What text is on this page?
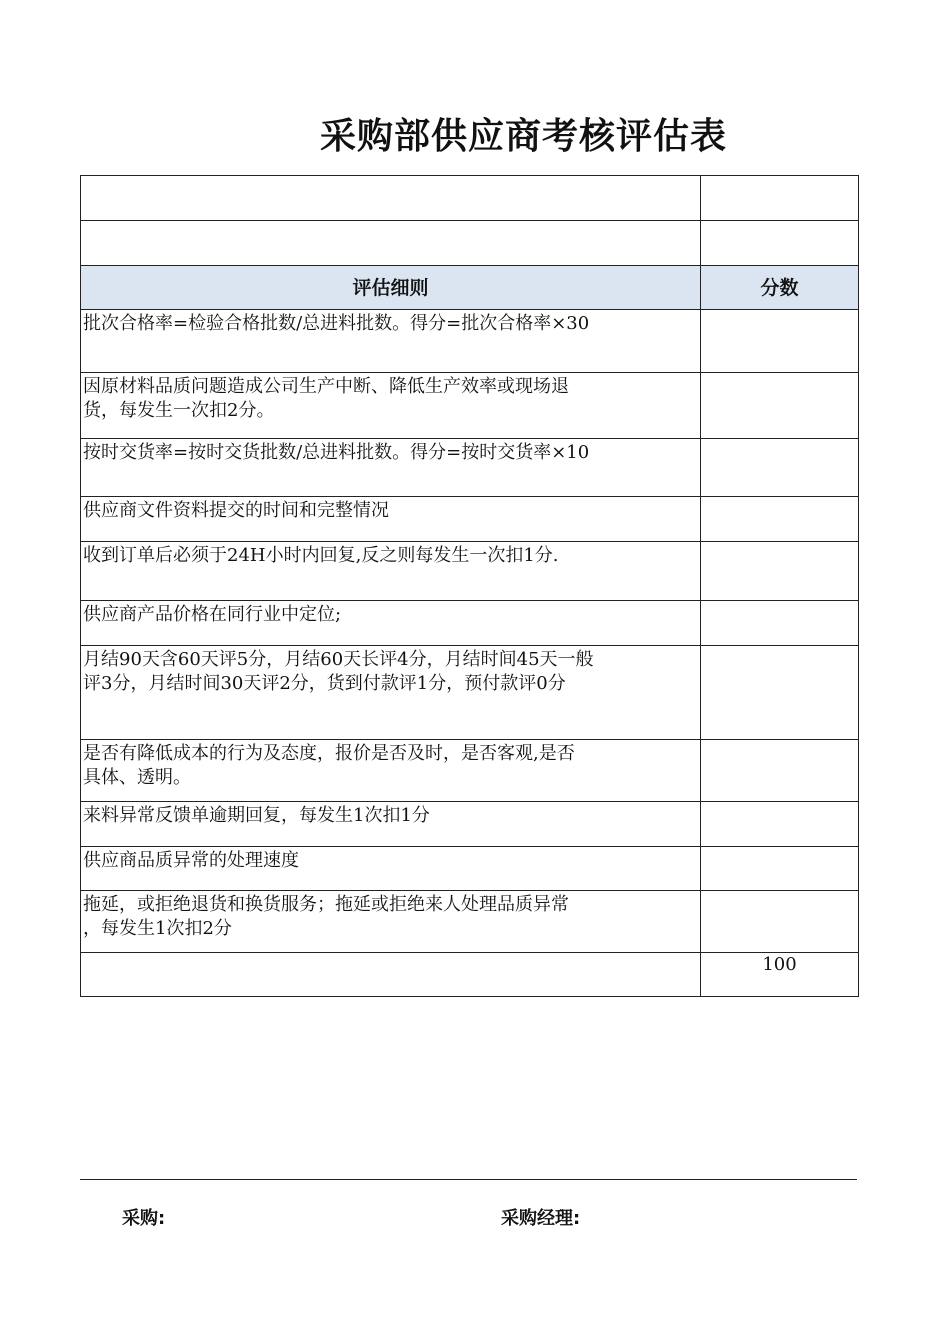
采购部供应商考核评估表

评估细则	分数

批次合格率=检验合格批数/总进料批数。得分=批次合格率×30	

因原材料品质问题造成公司生产中断、降低生产效率或现场退
货，每发生一次扣2分。	

按时交货率=按时交货批数/总进料批数。得分=按时交货率×10	

供应商文件资料提交的时间和完整情况	

收到订单后必须于24H小时内回复,反之则每发生一次扣1分.	

供应商产品价格在同行业中定位;	

月结90天含60天评5分，月结60天长评4分，月结时间45天一般
评3分，月结时间30天评2分，货到付款评1分，预付款评0分	

是否有降低成本的行为及态度，报价是否及时，是否客观,是否
具体、透明。	

来料异常反馈单逾期回复，每发生1次扣1分	

供应商品质异常的处理速度	

拖延，或拒绝退货和换货服务；拖延或拒绝来人处理品质异常
，每发生1次扣2分	

	100
采购:	采购经理:
